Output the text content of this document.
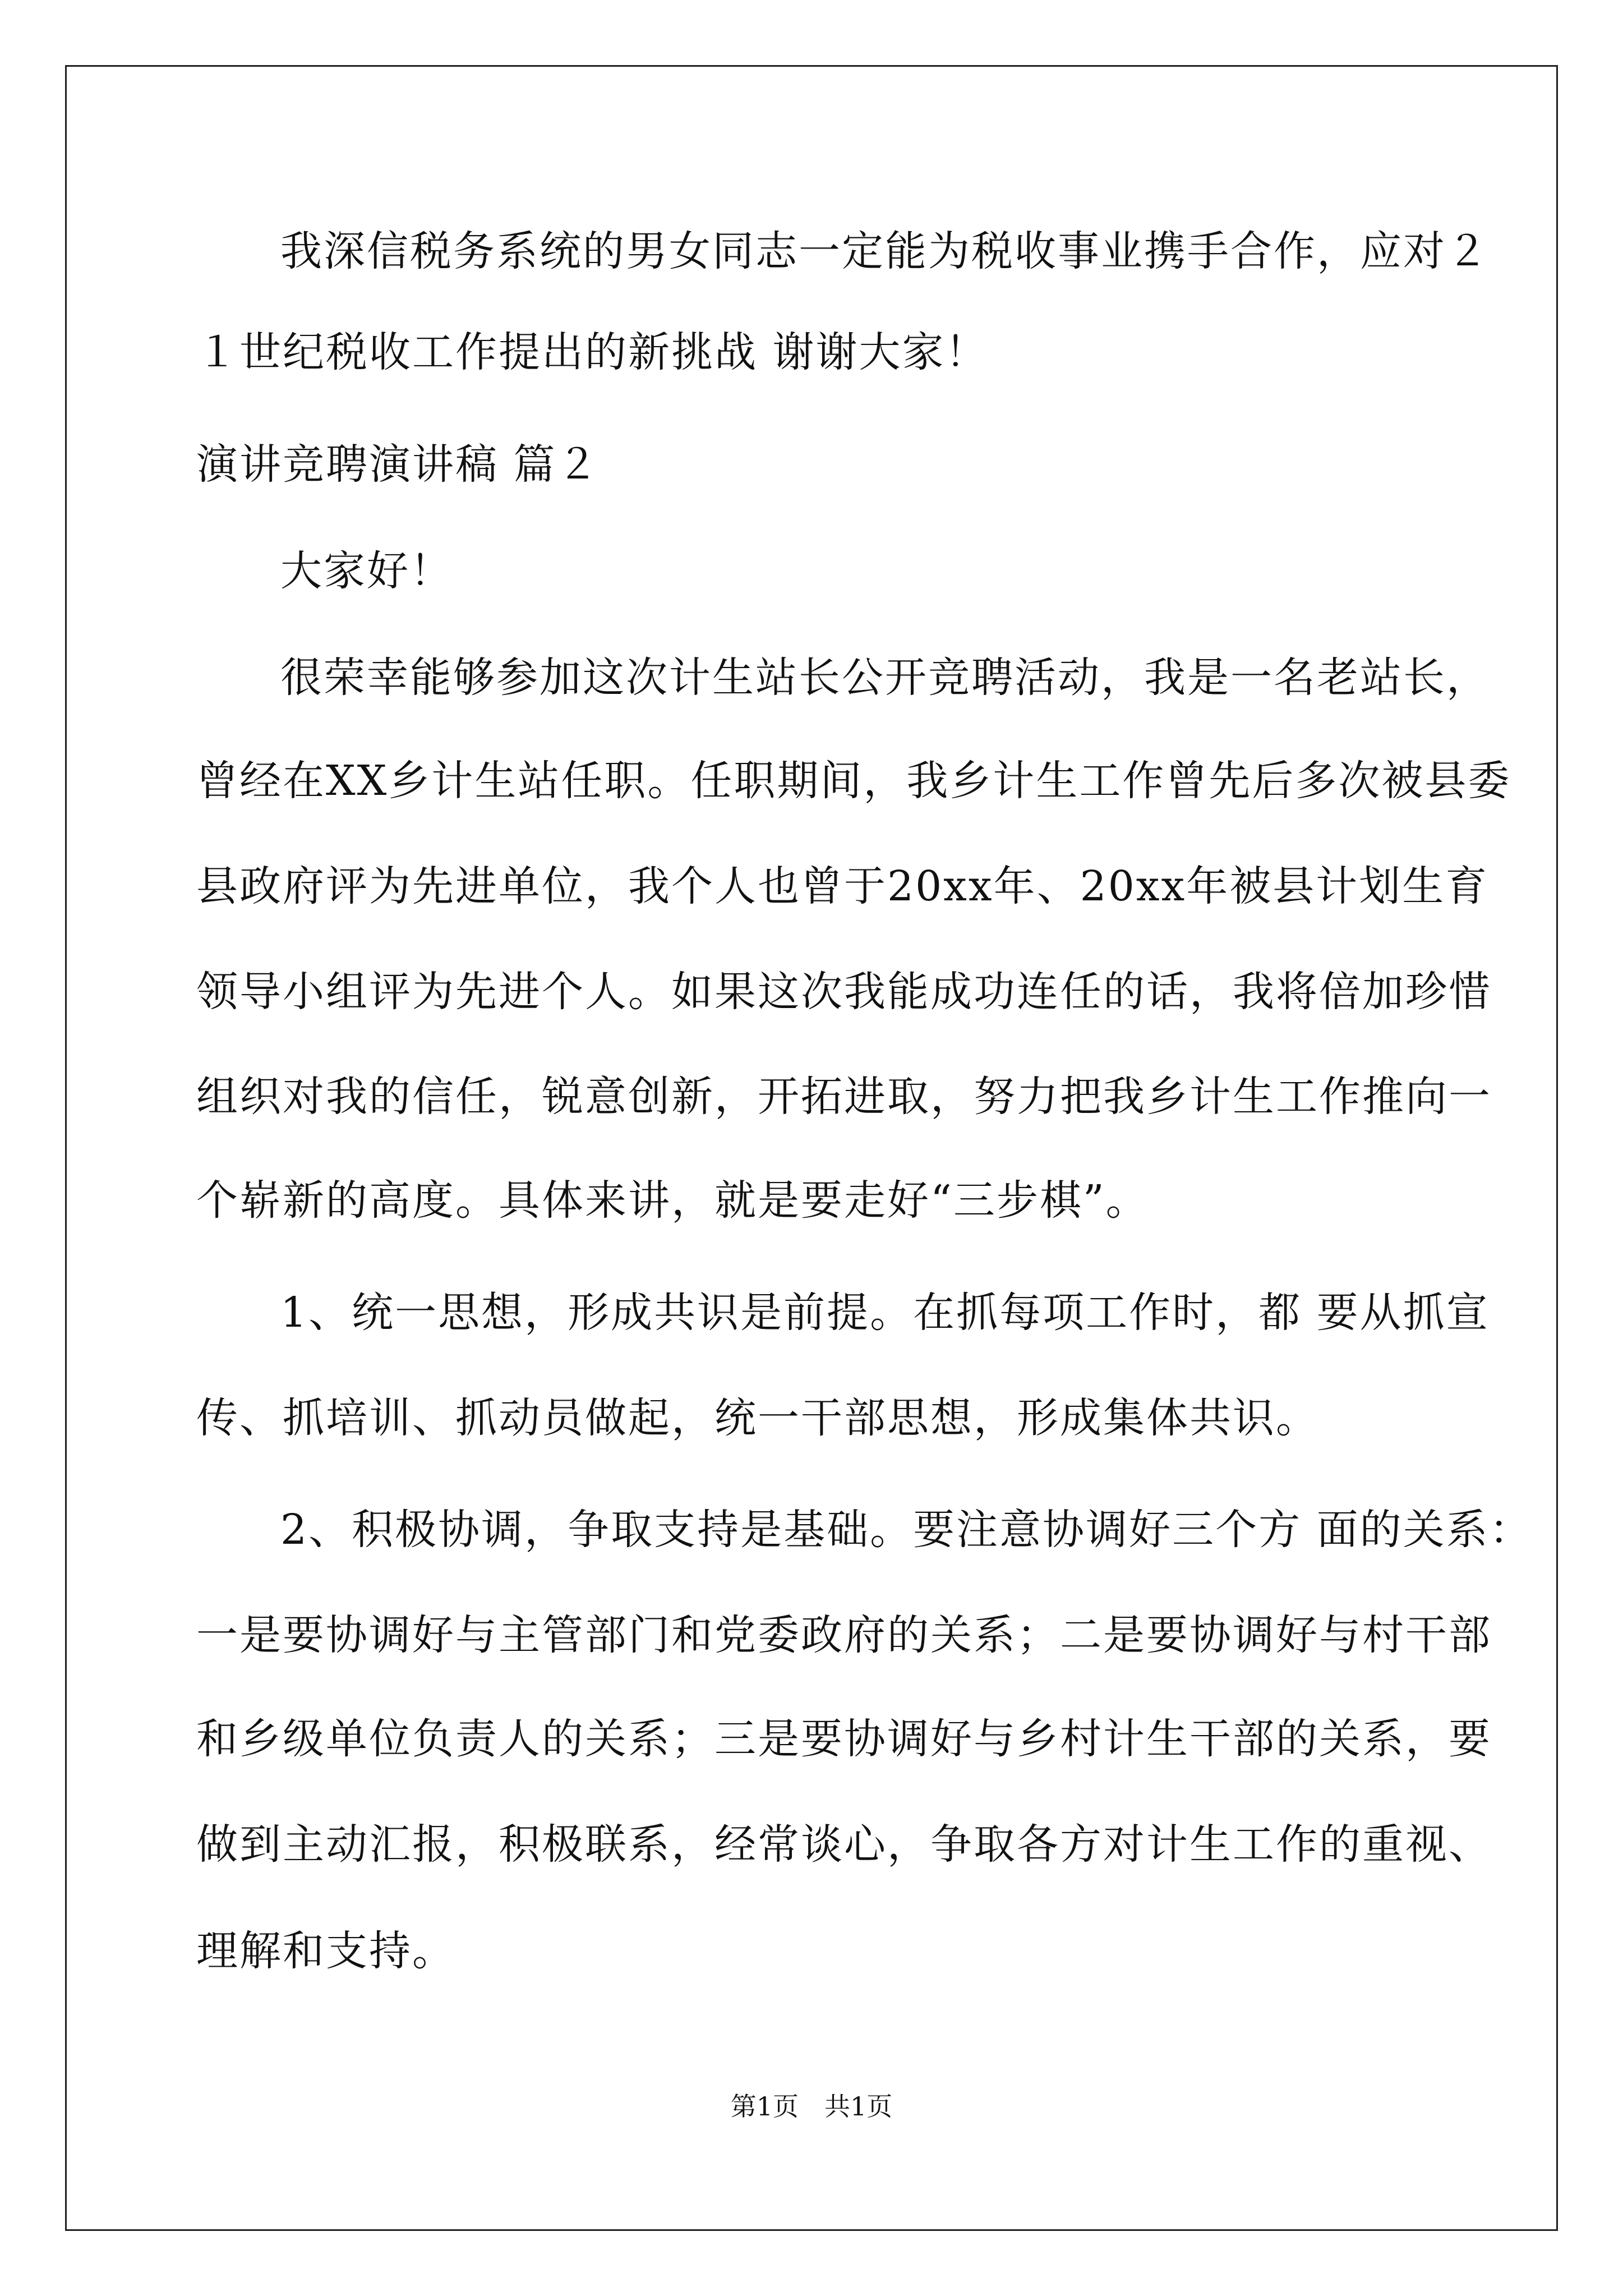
我深信税务系统的男女同志一定能为税收事业携手合作，应对２
１世纪税收工作提出的新挑战 谢谢大家！
演讲竞聘演讲稿 篇２
大家好！
很荣幸能够参加这次计生站长公开竞聘活动，我是一名老站长，
曾经在XX乡计生站任职。任职期间，我乡计生工作曾先后多次被县委
县政府评为先进单位，我个人也曾于20xx年、20xx年被县计划生育
领导小组评为先进个人。如果这次我能成功连任的话，我将倍加珍惜
组织对我的信任，锐意创新，开拓进取，努力把我乡计生工作推向一
个崭新的高度。具体来讲，就是要走好“三步棋”。
1、统一思想，形成共识是前提。在抓每项工作时，都 要从抓宣
传、抓培训、抓动员做起，统一干部思想，形成集体共识。
2、积极协调，争取支持是基础。要注意协调好三个方 面的关系：
一是要协调好与主管部门和党委政府的关系；二是要协调好与村干部
和乡级单位负责人的关系；三是要协调好与乡村计生干部的关系，要
做到主动汇报，积极联系，经常谈心，争取各方对计生工作的重视、
理解和支持。
第1页　共1页
